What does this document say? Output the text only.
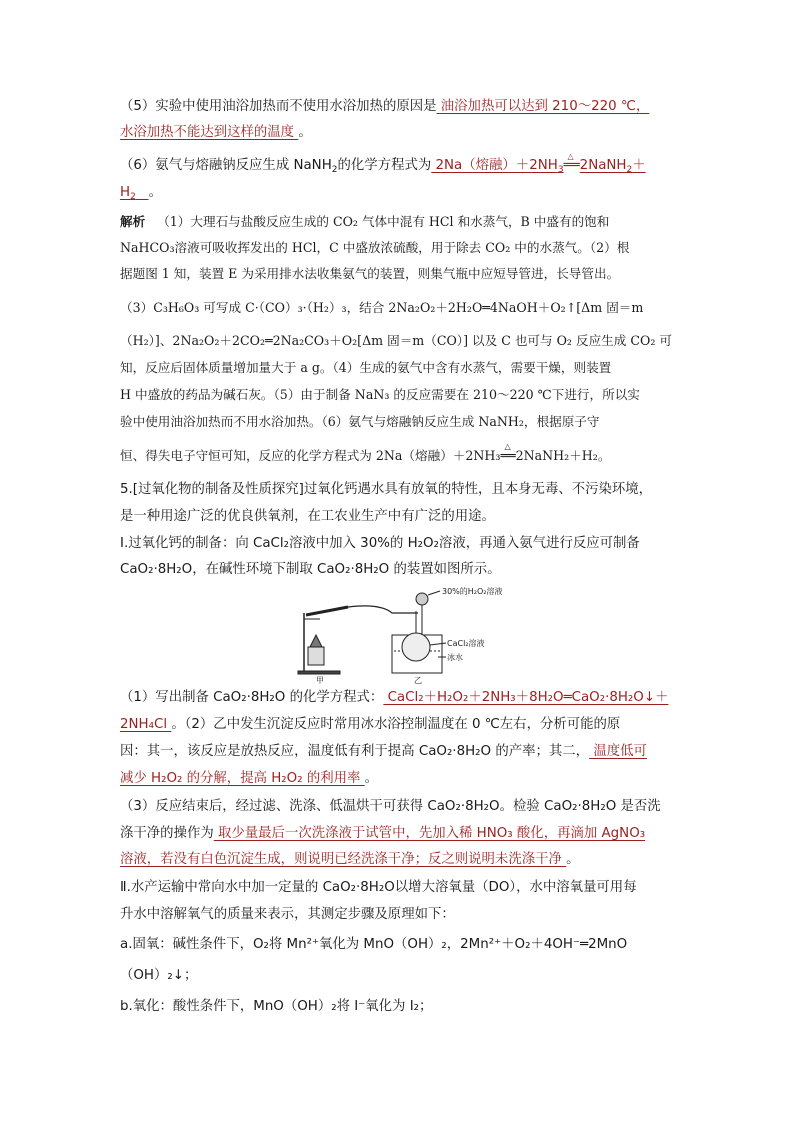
（5）实验中使用油浴加热而不使用水浴加热的原因是 油浴加热可以达到 210～220 ℃，
水浴加热不能达到这样的温度 。
（6）氨气与熔融钠反应生成 NaNH$_2$的化学方程式为 2Na（熔融）$+2NH_3\triangle$ ══2NaNH$_2$＋
$H_2$ 。
解析 （1）大理石与盐酸反应生成的 CO₂ 气体中混有 HCl 和水蒸气，B 中盛有的饱和
NaHCO₃溶液可吸收挥发出的 HCl，C 中盛放浓硫酸，用于除去 CO₂ 中的水蒸气。（2）根
据题图 1 知，装置 E 为采用排水法收集氨气的装置，则集气瓶中应短导管进，长导管出。
（3）C₃H₆O₃ 可写成 C·（CO）₃·（H₂）₃，结合 2Na₂O₂＋2H₂O═4NaOH＋O₂↑[Δm 固＝m
（H₂）]、2Na₂O₂＋2CO₂═2Na₂CO₃＋O₂[Δm 固＝m（CO）] 以及 C 也可与 O₂ 反应生成 CO₂ 可
知，反应后固体质量增加量大于 a g。（4）生成的氨气中含有水蒸气，需要干燥，则装置
H 中盛放的药品为碱石灰。（5）由于制备 NaN₃ 的反应需要在 210～220 ℃下进行，所以实
验中使用油浴加热而不用水浴加热。（6）氨气与熔融钠反应生成 NaNH₂，根据原子守
恒、得失电子守恒可知，反应的化学方程式为 2Na（熔融）＋2NH₃△ ══2NaNH₂＋H₂。
5.[过氧化物的制备及性质探究]过氧化钙遇水具有放氧的特性，且本身无毒、不污染环境，
是一种用途广泛的优良供氧剂，在工农业生产中有广泛的用途。
Ⅰ.过氧化钙的制备：向 CaCl₂溶液中加入 30%的 H₂O₂溶液，再通入氨气进行反应可制备
CaO₂·8H₂O，在碱性环境下制取 CaO₂·8H₂O 的装置如图所示。
30%的H₂O₂溶液
CaCl₂溶液
冰水
甲	乙
（1）写出制备 CaO₂·8H₂O 的化学方程式： CaCl₂＋H₂O₂＋2NH₃＋8H₂O═CaO₂·8H₂O↓＋
2NH₄Cl 。（2）乙中发生沉淀反应时常用冰水浴控制温度在 0 ℃左右，分析可能的原
因：其一，该反应是放热反应，温度低有利于提高 CaO₂·8H₂O 的产率；其二， 温度低可
减少 H₂O₂ 的分解，提高 H₂O₂ 的利用率 。
（3）反应结束后，经过滤、洗涤、低温烘干可获得 CaO₂·8H₂O。检验 CaO₂·8H₂O 是否洗
涤干净的操作为 取少量最后一次洗涤液于试管中，先加入稀 HNO₃ 酸化，再滴加 AgNO₃
溶液，若没有白色沉淀生成，则说明已经洗涤干净；反之则说明未洗涤干净 。
Ⅱ.水产运输中常向水中加一定量的 CaO₂·8H₂O以增大溶氧量（DO），水中溶氧量可用每
升水中溶解氧气的质量来表示，其测定步骤及原理如下：
a.固氧：碱性条件下，O₂将 Mn²⁺氧化为 MnO（OH）₂，2Mn²⁺＋O₂＋4OH⁻═2MnO
（OH）₂↓；
b.氧化：酸性条件下，MnO（OH）₂将 I⁻氧化为 I₂；
